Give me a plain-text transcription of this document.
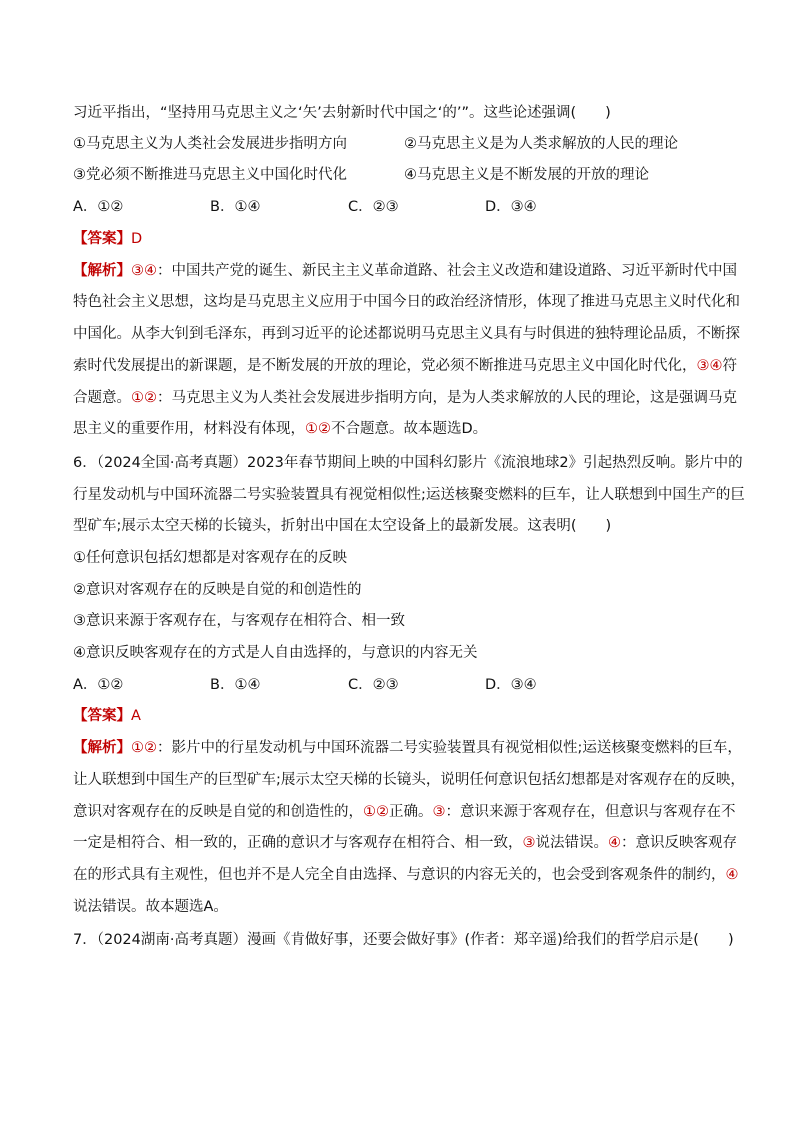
习近平指出，“坚持用马克思主义之‘矢’去射新时代中国之‘的’”。这些论述强调(　　)
①马克思主义为人类社会发展进步指明方向	②马克思主义是为人类求解放的人民的理论
③党必须不断推进马克思主义中国化时代化	④马克思主义是不断发展的开放的理论
A．①②	B．①④	C．②③	D．③④
【答案】D
【解析】③④：中国共产党的诞生、新民主主义革命道路、社会主义改造和建设道路、习近平新时代中国
特色社会主义思想，这均是马克思主义应用于中国今日的政治经济情形，体现了推进马克思主义时代化和
中国化。从李大钊到毛泽东，再到习近平的论述都说明马克思主义具有与时俱进的独特理论品质，不断探
索时代发展提出的新课题，是不断发展的开放的理论，党必须不断推进马克思主义中国化时代化，③④符
合题意。①②：马克思主义为人类社会发展进步指明方向，是为人类求解放的人民的理论，这是强调马克
思主义的重要作用，材料没有体现，①②不合题意。故本题选D。
6．（2024全国·高考真题）2023年春节期间上映的中国科幻影片《流浪地球2》引起热烈反响。影片中的
行星发动机与中国环流器二号实验装置具有视觉相似性;运送核聚变燃料的巨车，让人联想到中国生产的巨
型矿车;展示太空天梯的长镜头，折射出中国在太空设备上的最新发展。这表明(　　)
①任何意识包括幻想都是对客观存在的反映
②意识对客观存在的反映是自觉的和创造性的
③意识来源于客观存在，与客观存在相符合、相一致
④意识反映客观存在的方式是人自由选择的，与意识的内容无关
A．①②	B．①④	C．②③	D．③④
【答案】A
【解析】①②：影片中的行星发动机与中国环流器二号实验装置具有视觉相似性;运送核聚变燃料的巨车，
让人联想到中国生产的巨型矿车;展示太空天梯的长镜头，说明任何意识包括幻想都是对客观存在的反映，
意识对客观存在的反映是自觉的和创造性的，①②正确。③：意识来源于客观存在，但意识与客观存在不
一定是相符合、相一致的，正确的意识才与客观存在相符合、相一致，③说法错误。④：意识反映客观存
在的形式具有主观性，但也并不是人完全自由选择、与意识的内容无关的，也会受到客观条件的制约，④
说法错误。故本题选A。
7．（2024湖南·高考真题）漫画《肯做好事，还要会做好事》(作者：郑辛遥)给我们的哲学启示是(　　)
